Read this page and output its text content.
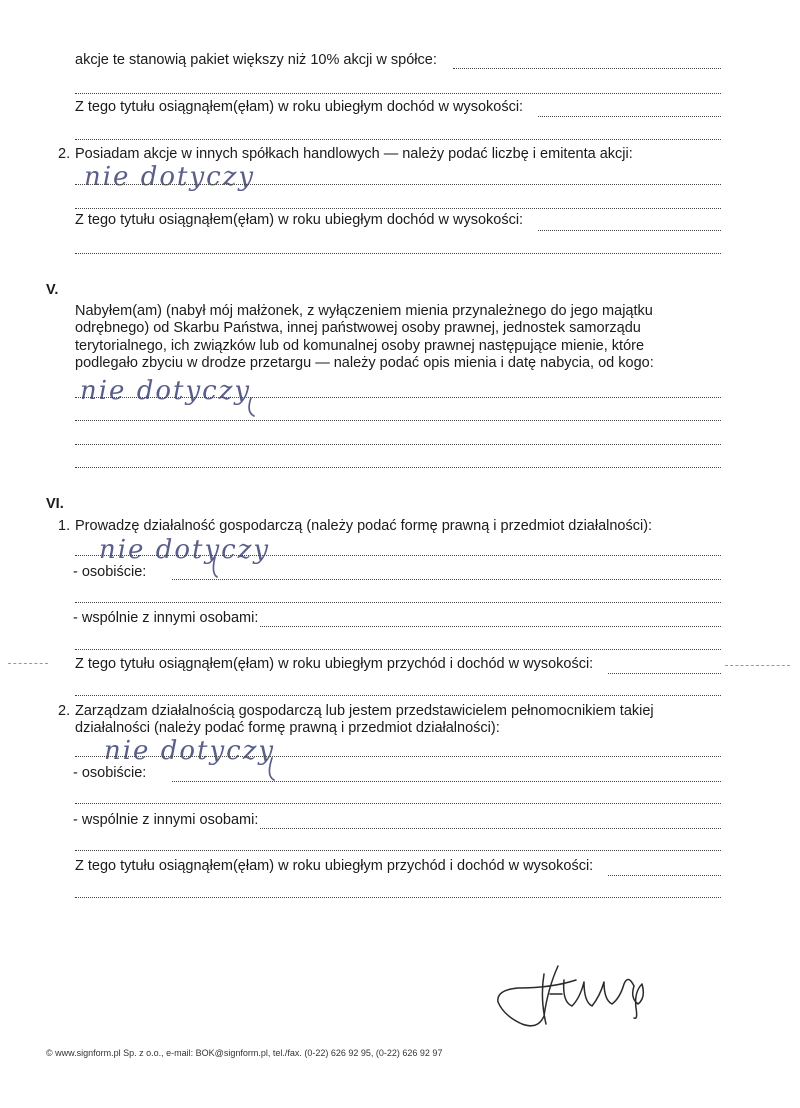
akcje te stanowią pakiet większy niż 10% akcji w spółce:
Z tego tytułu osiągnąłem(ęłam) w roku ubiegłym dochód w wysokości:
2. Posiadam akcje w innych spółkach handlowych — należy podać liczbę i emitenta akcji:
nie dotyczy
Z tego tytułu osiągnąłem(ęłam) w roku ubiegłym dochód w wysokości:
V.
Nabyłem(am) (nabył mój małżonek, z wyłączeniem mienia przynależnego do jego majątku
odrębnego) od Skarbu Państwa, innej państwowej osoby prawnej, jednostek samorządu
terytorialnego, ich związków lub od komunalnej osoby prawnej następujące mienie, które
podlegało zbyciu w drodze przetargu — należy podać opis mienia i datę nabycia, od kogo:
nie dotyczy
VI.
1. Prowadzę działalność gospodarczą (należy podać formę prawną i przedmiot działalności):
nie dotyczy
- osobiście:
- wspólnie z innymi osobami:
Z tego tytułu osiągnąłem(ęłam) w roku ubiegłym przychód i dochód w wysokości:
2. Zarządzam działalnością gospodarczą lub jestem przedstawicielem pełnomocnikiem takiej
działalności (należy podać formę prawną i przedmiot działalności):
nie dotyczy
- osobiście:
- wspólnie z innymi osobami:
Z tego tytułu osiągnąłem(ęłam) w roku ubiegłym przychód i dochód w wysokości:
© www.signform.pl Sp. z o.o., e-mail: BOK@signform.pl, tel./fax. (0-22) 626 92 95, (0-22) 626 92 97
